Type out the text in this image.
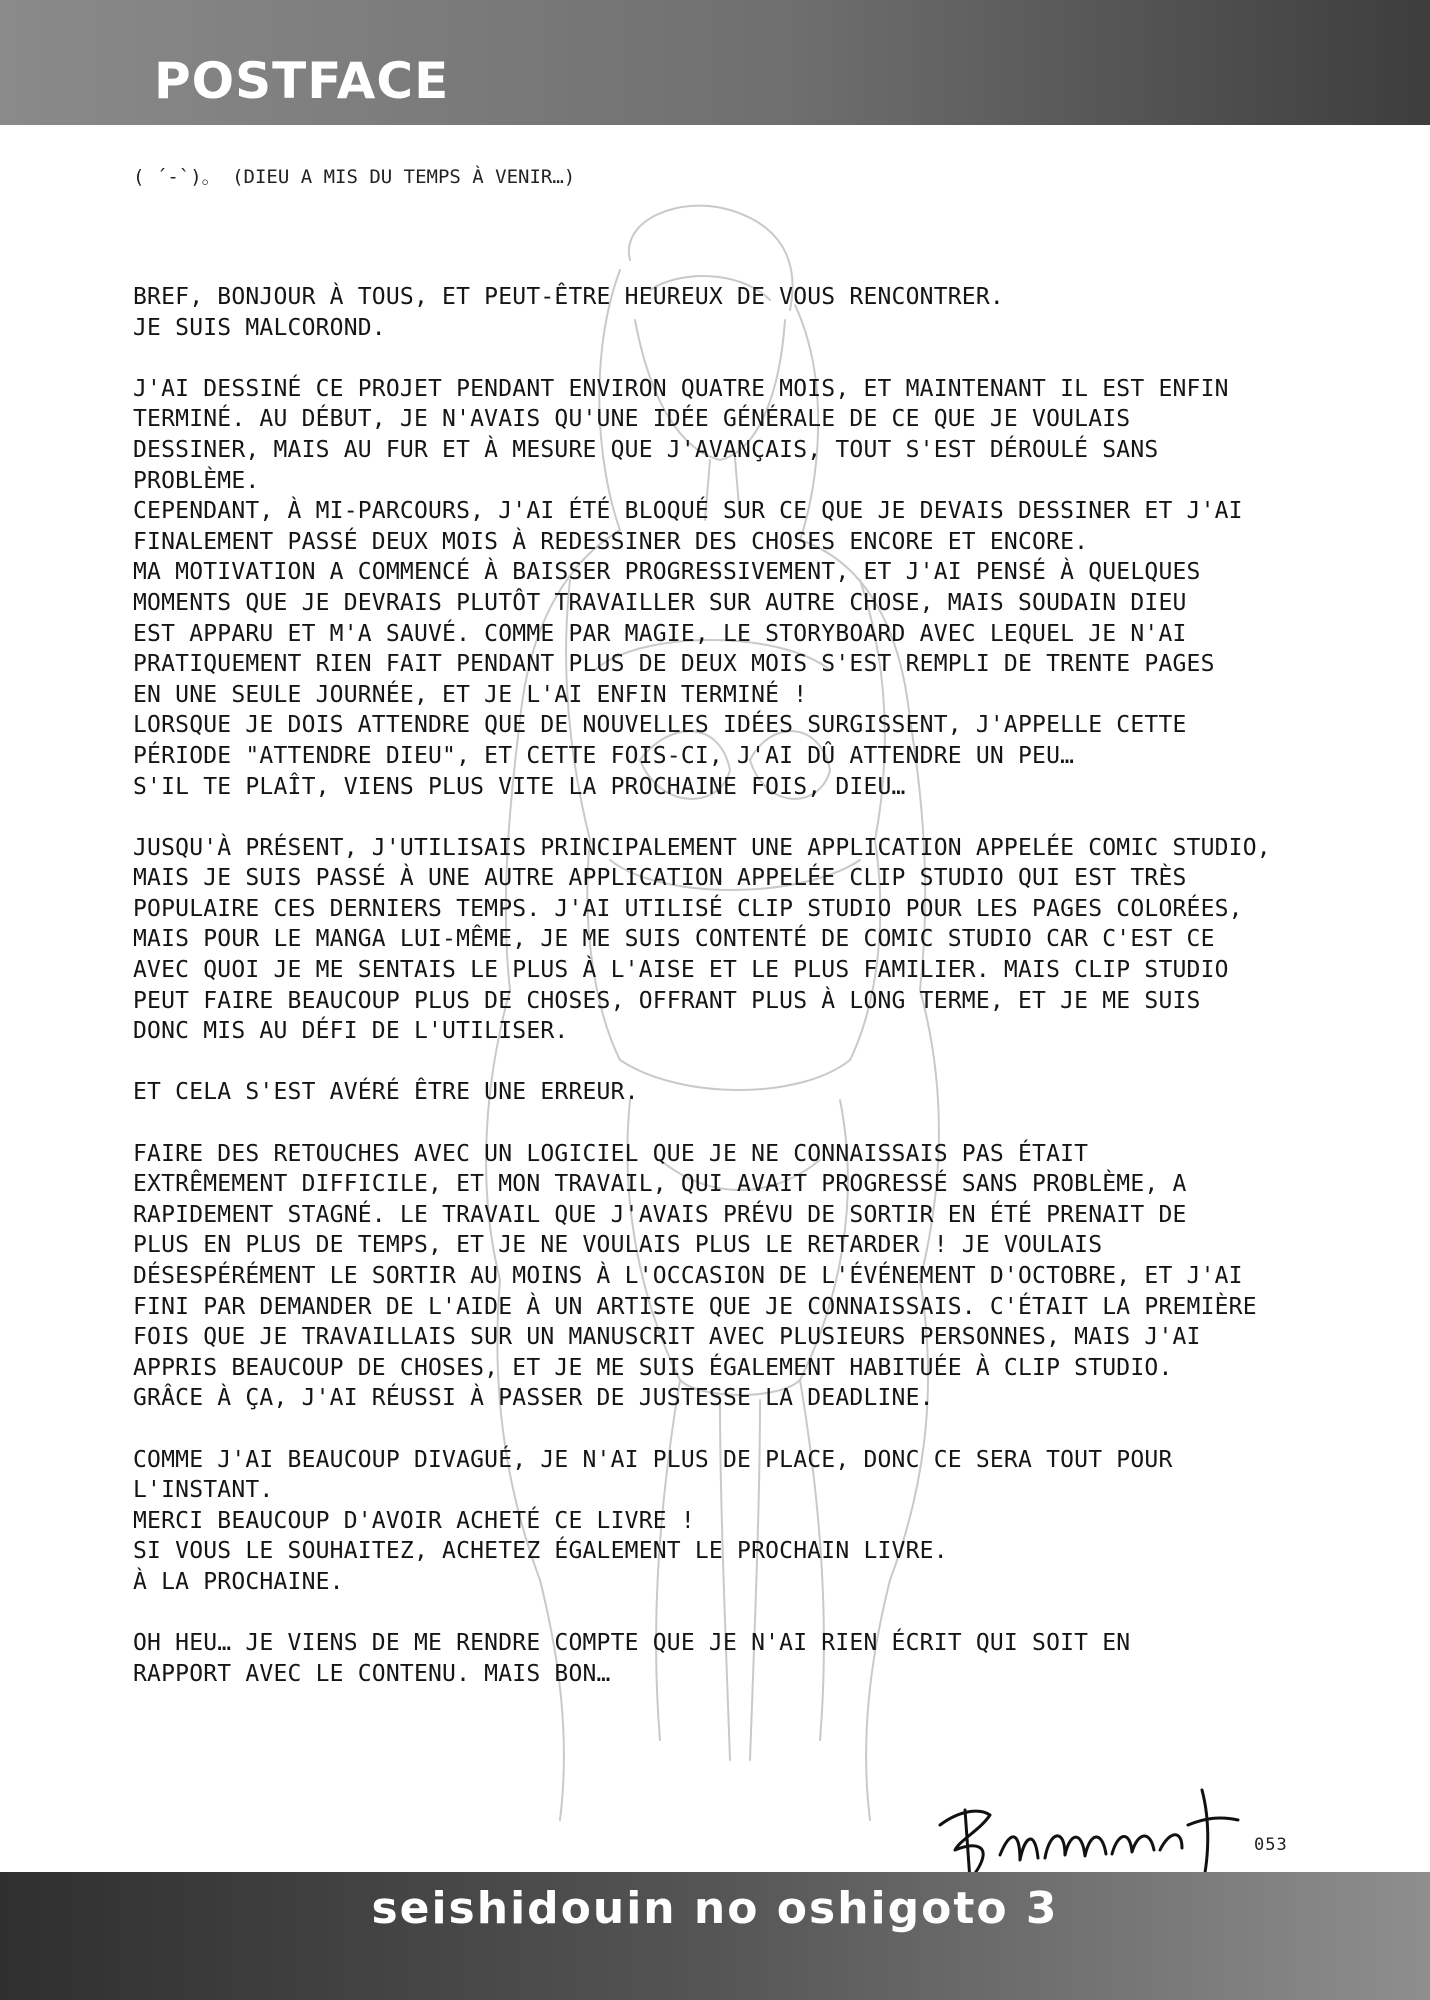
POSTFACE
( ´-`)。 (DIEU A MIS DU TEMPS À VENIR…)
BREF, BONJOUR À TOUS, ET PEUT-ÊTRE HEUREUX DE VOUS RENCONTRER.
JE SUIS MALCOROND.
J'AI DESSINÉ CE PROJET PENDANT ENVIRON QUATRE MOIS, ET MAINTENANT IL EST ENFIN
TERMINÉ. AU DÉBUT, JE N'AVAIS QU'UNE IDÉE GÉNÉRALE DE CE QUE JE VOULAIS
DESSINER, MAIS AU FUR ET À MESURE QUE J'AVANÇAIS, TOUT S'EST DÉROULÉ SANS
PROBLÈME.
CEPENDANT, À MI-PARCOURS, J'AI ÉTÉ BLOQUÉ SUR CE QUE JE DEVAIS DESSINER ET J'AI
FINALEMENT PASSÉ DEUX MOIS À REDESSINER DES CHOSES ENCORE ET ENCORE.
MA MOTIVATION A COMMENCÉ À BAISSER PROGRESSIVEMENT, ET J'AI PENSÉ À QUELQUES
MOMENTS QUE JE DEVRAIS PLUTÔT TRAVAILLER SUR AUTRE CHOSE, MAIS SOUDAIN DIEU
EST APPARU ET M'A SAUVÉ. COMME PAR MAGIE, LE STORYBOARD AVEC LEQUEL JE N'AI
PRATIQUEMENT RIEN FAIT PENDANT PLUS DE DEUX MOIS S'EST REMPLI DE TRENTE PAGES
EN UNE SEULE JOURNÉE, ET JE L'AI ENFIN TERMINÉ !
LORSQUE JE DOIS ATTENDRE QUE DE NOUVELLES IDÉES SURGISSENT, J'APPELLE CETTE
PÉRIODE "ATTENDRE DIEU", ET CETTE FOIS-CI, J'AI DÛ ATTENDRE UN PEU…
S'IL TE PLAÎT, VIENS PLUS VITE LA PROCHAINE FOIS, DIEU…
JUSQU'À PRÉSENT, J'UTILISAIS PRINCIPALEMENT UNE APPLICATION APPELÉE COMIC STUDIO,
MAIS JE SUIS PASSÉ À UNE AUTRE APPLICATION APPELÉE CLIP STUDIO QUI EST TRÈS
POPULAIRE CES DERNIERS TEMPS. J'AI UTILISÉ CLIP STUDIO POUR LES PAGES COLORÉES,
MAIS POUR LE MANGA LUI-MÊME, JE ME SUIS CONTENTÉ DE COMIC STUDIO CAR C'EST CE
AVEC QUOI JE ME SENTAIS LE PLUS À L'AISE ET LE PLUS FAMILIER. MAIS CLIP STUDIO
PEUT FAIRE BEAUCOUP PLUS DE CHOSES, OFFRANT PLUS À LONG TERME, ET JE ME SUIS
DONC MIS AU DÉFI DE L'UTILISER.
ET CELA S'EST AVÉRÉ ÊTRE UNE ERREUR.
FAIRE DES RETOUCHES AVEC UN LOGICIEL QUE JE NE CONNAISSAIS PAS ÉTAIT
EXTRÊMEMENT DIFFICILE, ET MON TRAVAIL, QUI AVAIT PROGRESSÉ SANS PROBLÈME, A
RAPIDEMENT STAGNÉ. LE TRAVAIL QUE J'AVAIS PRÉVU DE SORTIR EN ÉTÉ PRENAIT DE
PLUS EN PLUS DE TEMPS, ET JE NE VOULAIS PLUS LE RETARDER ! JE VOULAIS
DÉSESPÉRÉMENT LE SORTIR AU MOINS À L'OCCASION DE L'ÉVÉNEMENT D'OCTOBRE, ET J'AI
FINI PAR DEMANDER DE L'AIDE À UN ARTISTE QUE JE CONNAISSAIS. C'ÉTAIT LA PREMIÈRE
FOIS QUE JE TRAVAILLAIS SUR UN MANUSCRIT AVEC PLUSIEURS PERSONNES, MAIS J'AI
APPRIS BEAUCOUP DE CHOSES, ET JE ME SUIS ÉGALEMENT HABITUÉE À CLIP STUDIO.
GRÂCE À ÇA, J'AI RÉUSSI À PASSER DE JUSTESSE LA DEADLINE.
COMME J'AI BEAUCOUP DIVAGUÉ, JE N'AI PLUS DE PLACE, DONC CE SERA TOUT POUR
L'INSTANT.
MERCI BEAUCOUP D'AVOIR ACHETÉ CE LIVRE !
SI VOUS LE SOUHAITEZ, ACHETEZ ÉGALEMENT LE PROCHAIN LIVRE.
À LA PROCHAINE.
OH HEU… JE VIENS DE ME RENDRE COMPTE QUE JE N'AI RIEN ÉCRIT QUI SOIT EN
RAPPORT AVEC LE CONTENU. MAIS BON…
053
seishidouin no oshigoto 3
